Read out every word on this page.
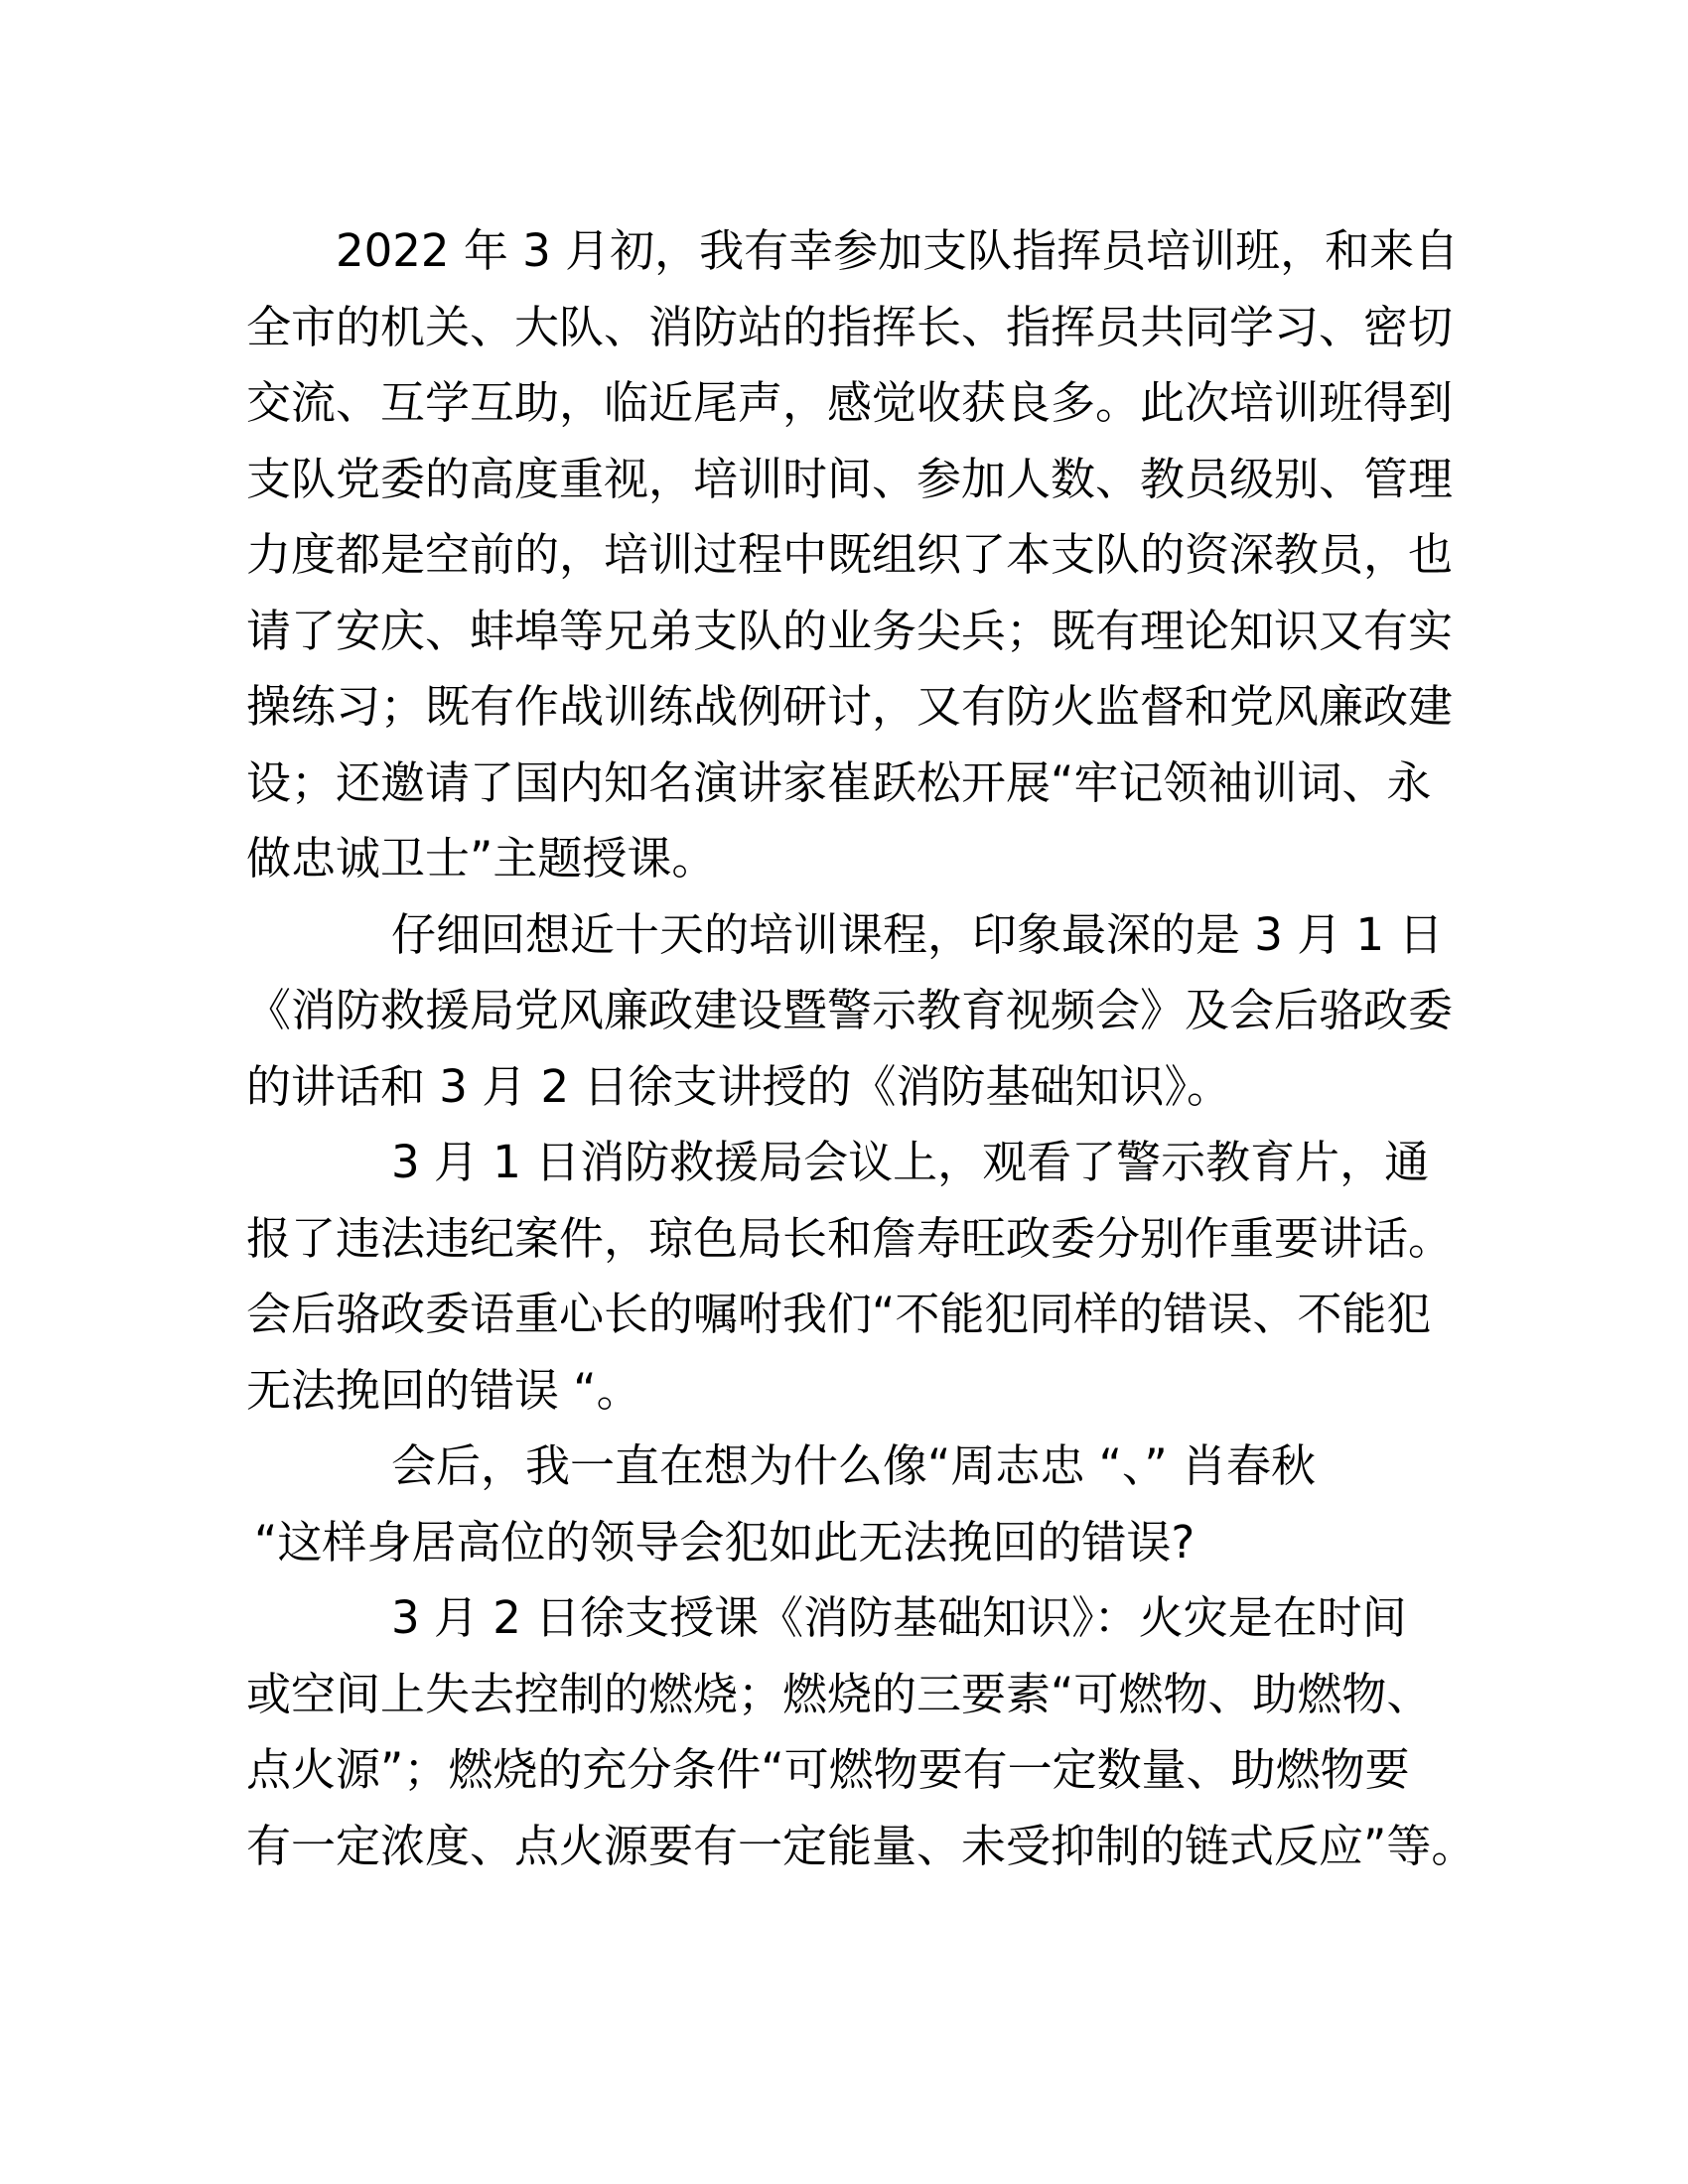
2022 年 3 月初，我有幸参加支队指挥员培训班，和来自
全市的机关、大队、消防站的指挥长、指挥员共同学习、密切
交流、互学互助，临近尾声，感觉收获良多。此次培训班得到
支队党委的高度重视，培训时间、参加人数、教员级别、管理
力度都是空前的，培训过程中既组织了本支队的资深教员，也
请了安庆、蚌埠等兄弟支队的业务尖兵；既有理论知识又有实
操练习；既有作战训练战例研讨，又有防火监督和党风廉政建
设；还邀请了国内知名演讲家崔跃松开展“牢记领袖训词、永
做忠诚卫士”主题授课。
仔细回想近十天的培训课程，印象最深的是 3 月 1 日
《消防救援局党风廉政建设暨警示教育视频会》及会后骆政委
的讲话和 3 月 2 日徐支讲授的《消防基础知识》。
3 月 1 日消防救援局会议上，观看了警示教育片，通
报了违法违纪案件，琼色局长和詹寿旺政委分别作重要讲话。
会后骆政委语重心长的嘱咐我们“不能犯同样的错误、不能犯
无法挽回的错误 “。
会后，我一直在想为什么像“周志忠 “、” 肖春秋
“这样身居高位的领导会犯如此无法挽回的错误?
3 月 2 日徐支授课《消防基础知识》：火灾是在时间
或空间上失去控制的燃烧；燃烧的三要素“可燃物、助燃物、
点火源”；燃烧的充分条件“可燃物要有一定数量、助燃物要
有一定浓度、点火源要有一定能量、未受抑制的链式反应”等。
